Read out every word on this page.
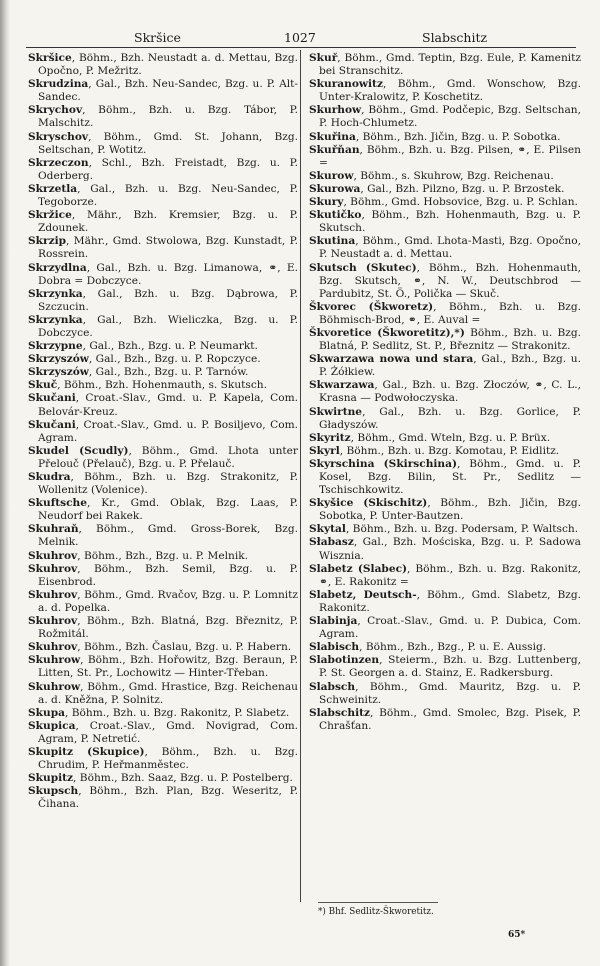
Skršice	1027	Slabschitz
Skršice, Böhm., Bzh. Neustadt a. d. Mettau, Bzg. Opočno, P. Mežritz.
Skrudzina, Gal., Bzh. Neu-Sandec, Bzg. u. P. Alt-Sandec.
Skrychov, Böhm., Bzh. u. Bzg. Tábor, P. Malschitz.
Skryschov, Böhm., Gmd. St. Johann, Bzg. Seltschan, P. Wotitz.
Skrzeczon, Schl., Bzh. Freistadt, Bzg. u. P. Oderberg.
Skrzetla, Gal., Bzh. u. Bzg. Neu-Sandec, P. Tegoborze.
Skržice, Mähr., Bzh. Kremsier, Bzg. u. P. Zdounek.
Skrzip, Mähr., Gmd. Stwolowa, Bzg. Kunstadt, P. Rossrein.
Skrzydlna, Gal., Bzh. u. Bzg. Limanowa, ⚭, E. Dobra = Dobczyce.
Skrzynka, Gal., Bzh. u. Bzg. Dąbrowa, P. Szczucin.
Skrzynka, Gal., Bzh. Wieliczka, Bzg. u. P. Dobczyce.
Skrzypne, Gal., Bzh., Bzg. u. P. Neumarkt.
Skrzyszów, Gal., Bzh., Bzg. u. P. Ropczyce.
Skrzyszów, Gal., Bzh., Bzg. u. P. Tarnów.
Skuč, Böhm., Bzh. Hohenmauth, s. Skutsch.
Skučani, Croat.-Slav., Gmd. u. P. Kapela, Com. Belovár-Kreuz.
Skučani, Croat.-Slav., Gmd. u. P. Bosiljevo, Com. Agram.
Skudel (Scudly), Böhm., Gmd. Lhota unter Přelouč (Přelauč), Bzg. u. P. Přelauč.
Skudra, Böhm., Bzh. u. Bzg. Strakonitz, P. Wollenitz (Volenice).
Skuftsche, Kr., Gmd. Oblak, Bzg. Laas, P. Neudorf bei Rakek.
Skuhraň, Böhm., Gmd. Gross-Borek, Bzg. Melnik.
Skuhrov, Böhm., Bzh., Bzg. u. P. Melnik.
Skuhrov, Böhm., Bzh. Semil, Bzg. u. P. Eisenbrod.
Skuhrov, Böhm., Gmd. Rvačov, Bzg. u. P. Lomnitz a. d. Popelka.
Skuhrov, Böhm., Bzh. Blatná, Bzg. Březnitz, P. Rožmitál.
Skuhrov, Böhm., Bzh. Časlau, Bzg. u. P. Habern.
Skuhrow, Böhm., Bzh. Hořowitz, Bzg. Beraun, P. Litten, St. Pr., Lochowitz — Hinter-Třeban.
Skuhrow, Böhm., Gmd. Hrastice, Bzg. Reichenau a. d. Kněžna, P. Solnitz.
Skupa, Böhm., Bzh. u. Bzg. Rakonitz, P. Slabetz.
Skupica, Croat.-Slav., Gmd. Novigrad, Com. Agram, P. Netretić.
Skupitz (Skupice), Böhm., Bzh. u. Bzg. Chrudim, P. Heřmanměstec.
Skupitz, Böhm., Bzh. Saaz, Bzg. u. P. Postelberg.
Skupsch, Böhm., Bzh. Plan, Bzg. Weseritz, P. Čihana.
Skuř, Böhm., Gmd. Teptin, Bzg. Eule, P. Kamenitz bei Stranschitz.
Skuranowitz, Böhm., Gmd. Wonschow, Bzg. Unter-Kralowitz, P. Koschetitz.
Skurhow, Böhm., Gmd. Podčepic, Bzg. Seltschan, P. Hoch-Chlumetz.
Skuřina, Böhm., Bzh. Jičin, Bzg. u. P. Sobotka.
Skuřňan, Böhm., Bzh. u. Bzg. Pilsen, ⚭, E. Pilsen =
Skurow, Böhm., s. Skuhrow, Bzg. Reichenau.
Skurowa, Gal., Bzh. Pilzno, Bzg. u. P. Brzostek.
Skury, Böhm., Gmd. Hobsovice, Bzg. u. P. Schlan.
Skutičko, Böhm., Bzh. Hohenmauth, Bzg. u. P. Skutsch.
Skutina, Böhm., Gmd. Lhota-Masti, Bzg. Opočno, P. Neustadt a. d. Mettau.
Skutsch (Skutec), Böhm., Bzh. Hohenmauth, Bzg. Skutsch, ⚭, N. W., Deutschbrod — Pardubitz, St. Ö., Polička — Skuč.
Škvorec (Škworetz), Böhm., Bzh. u. Bzg. Böhmisch-Brod, ⚭, E. Auval =
Škvoretice (Škworetitz),*) Böhm., Bzh. u. Bzg. Blatná, P. Sedlitz, St. P., Březnitz — Strakonitz.
Skwarzawa nowa und stara, Gal., Bzh., Bzg. u. P. Żółkiew.
Skwarzawa, Gal., Bzh. u. Bzg. Złoczów, ⚭, C. L., Krasna — Podwołoczyska.
Skwirtne, Gal., Bzh. u. Bzg. Gorlice, P. Gładyszów.
Skyritz, Böhm., Gmd. Wteln, Bzg. u. P. Brüx.
Skyrl, Böhm., Bzh. u. Bzg. Komotau, P. Eidlitz.
Skyrschina (Skirschina), Böhm., Gmd. u. P. Kosel, Bzg. Bilin, St. Pr., Sedlitz — Tschischkowitz.
Skyšice (Skischitz), Böhm., Bzh. Jičin, Bzg. Sobotka, P. Unter-Bautzen.
Skytal, Böhm., Bzh. u. Bzg. Podersam, P. Waltsch.
Słabasz, Gal., Bzh. Mościska, Bzg. u. P. Sadowa Wisznia.
Slabetz (Slabec), Böhm., Bzh. u. Bzg. Rakonitz, ⚭, E. Rakonitz =
Slabetz, Deutsch-, Böhm., Gmd. Slabetz, Bzg. Rakonitz.
Slabinja, Croat.-Slav., Gmd. u. P. Dubica, Com. Agram.
Slabisch, Böhm., Bzh., Bzg., P. u. E. Aussig.
Slabotinzen, Steierm., Bzh. u. Bzg. Luttenberg, P. St. Georgen a. d. Stainz, E. Radkersburg.
Slabsch, Böhm., Gmd. Mauritz, Bzg. u. P. Schweinitz.
Slabschitz, Böhm., Gmd. Smolec, Bzg. Pisek, P. Chrašťan.
*) Bhf. Sedlitz-Škworetitz.
65*
